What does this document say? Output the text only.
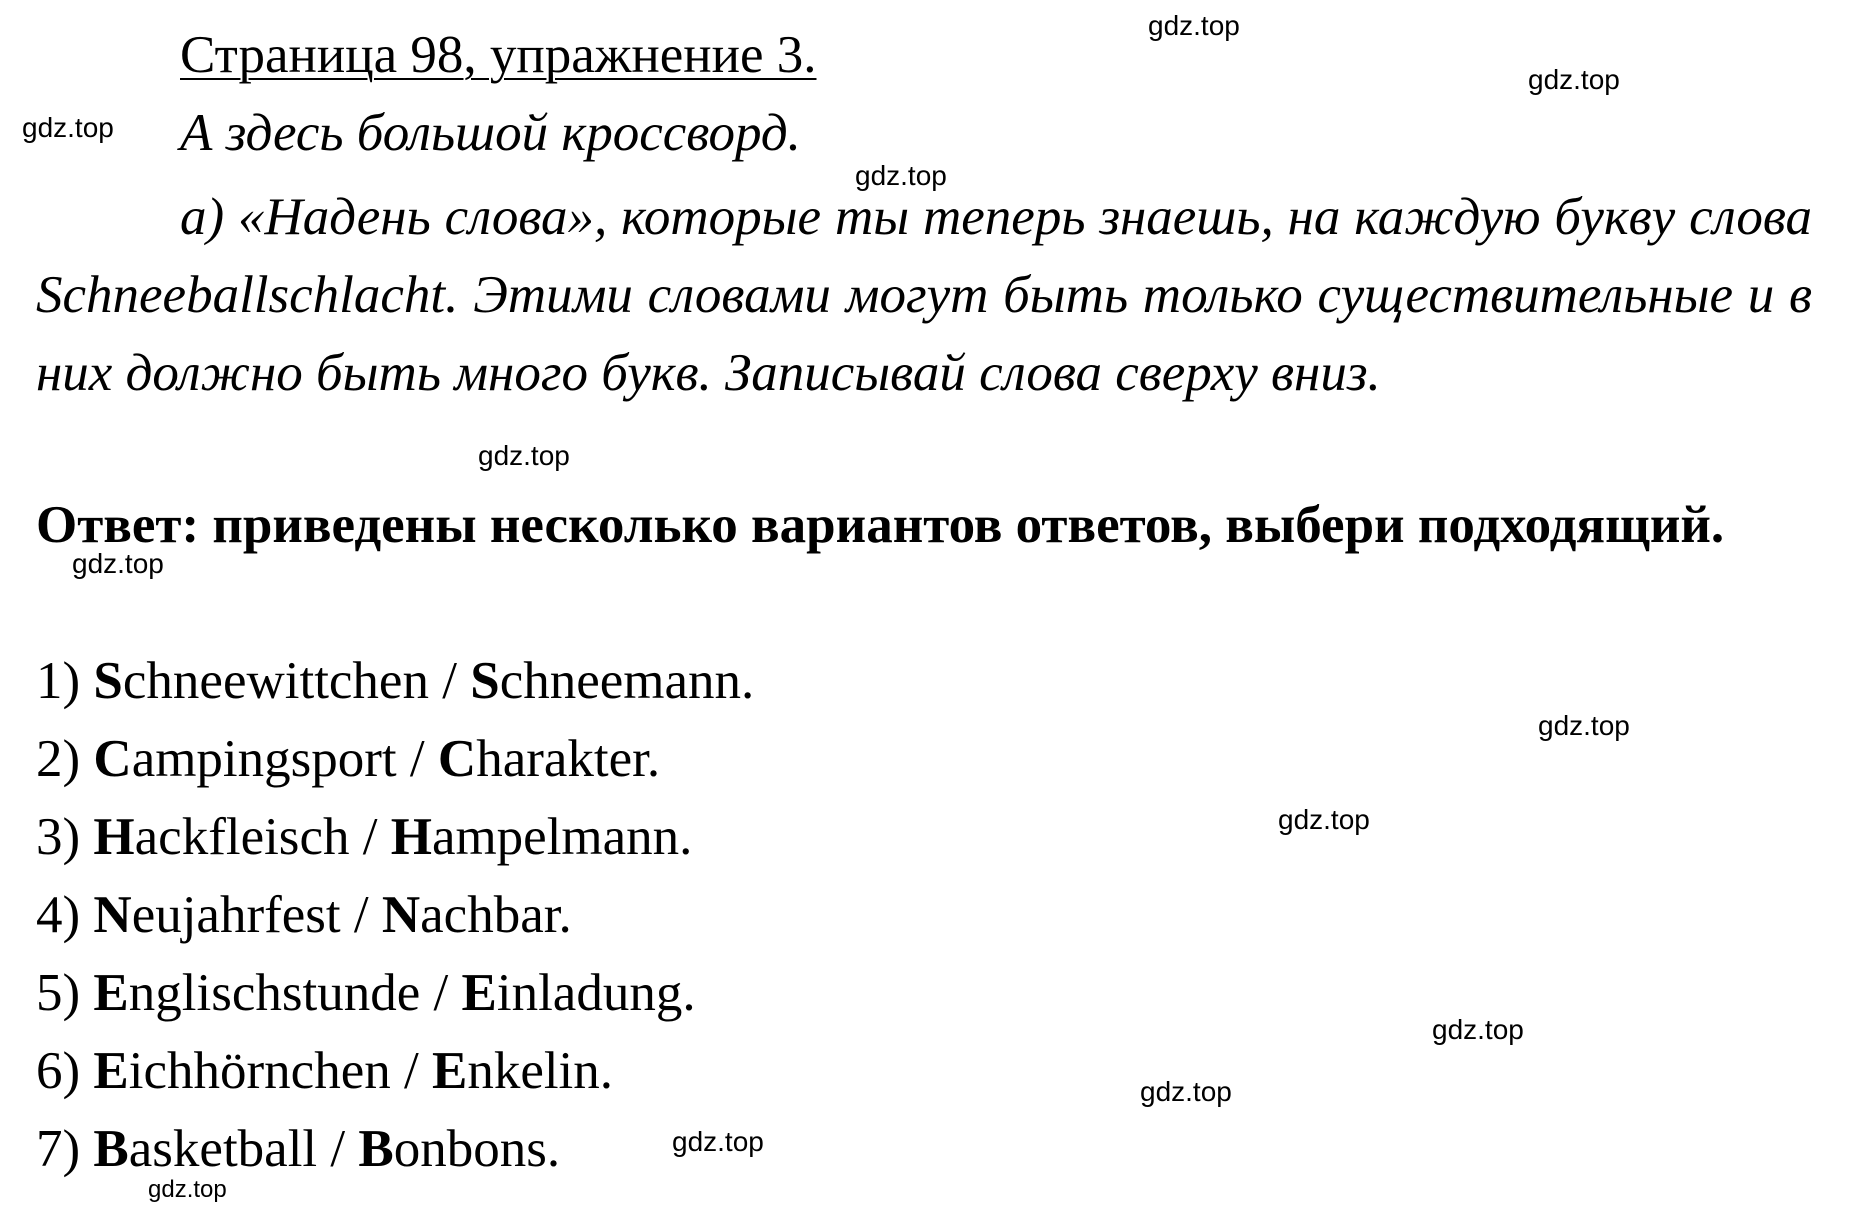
Страница 98, упражнение 3.
А здесь большой кроссворд.

а) «Надень слова», которые ты теперь знаешь, на каждую букву слова Schneeballschlacht. Этими словами могут быть только существительные и в них должно быть много букв. Записывай слова сверху вниз.

Ответ: приведены несколько вариантов ответов, выбери подходящий.

1) Schneewittchen / Schneemann.
2) Campingsport / Charakter.
3) Hackfleisch / Hampelmann.
4) Neujahrfest / Nachbar.
5) Englischstunde / Einladung.
6) Eichhörnchen / Enkelin.
7) Basketball / Bonbons.
gdz.top
gdz.top
gdz.top
gdz.top
gdz.top
gdz.top
gdz.top
gdz.top
gdz.top
gdz.top
gdz.top
gdz.top
